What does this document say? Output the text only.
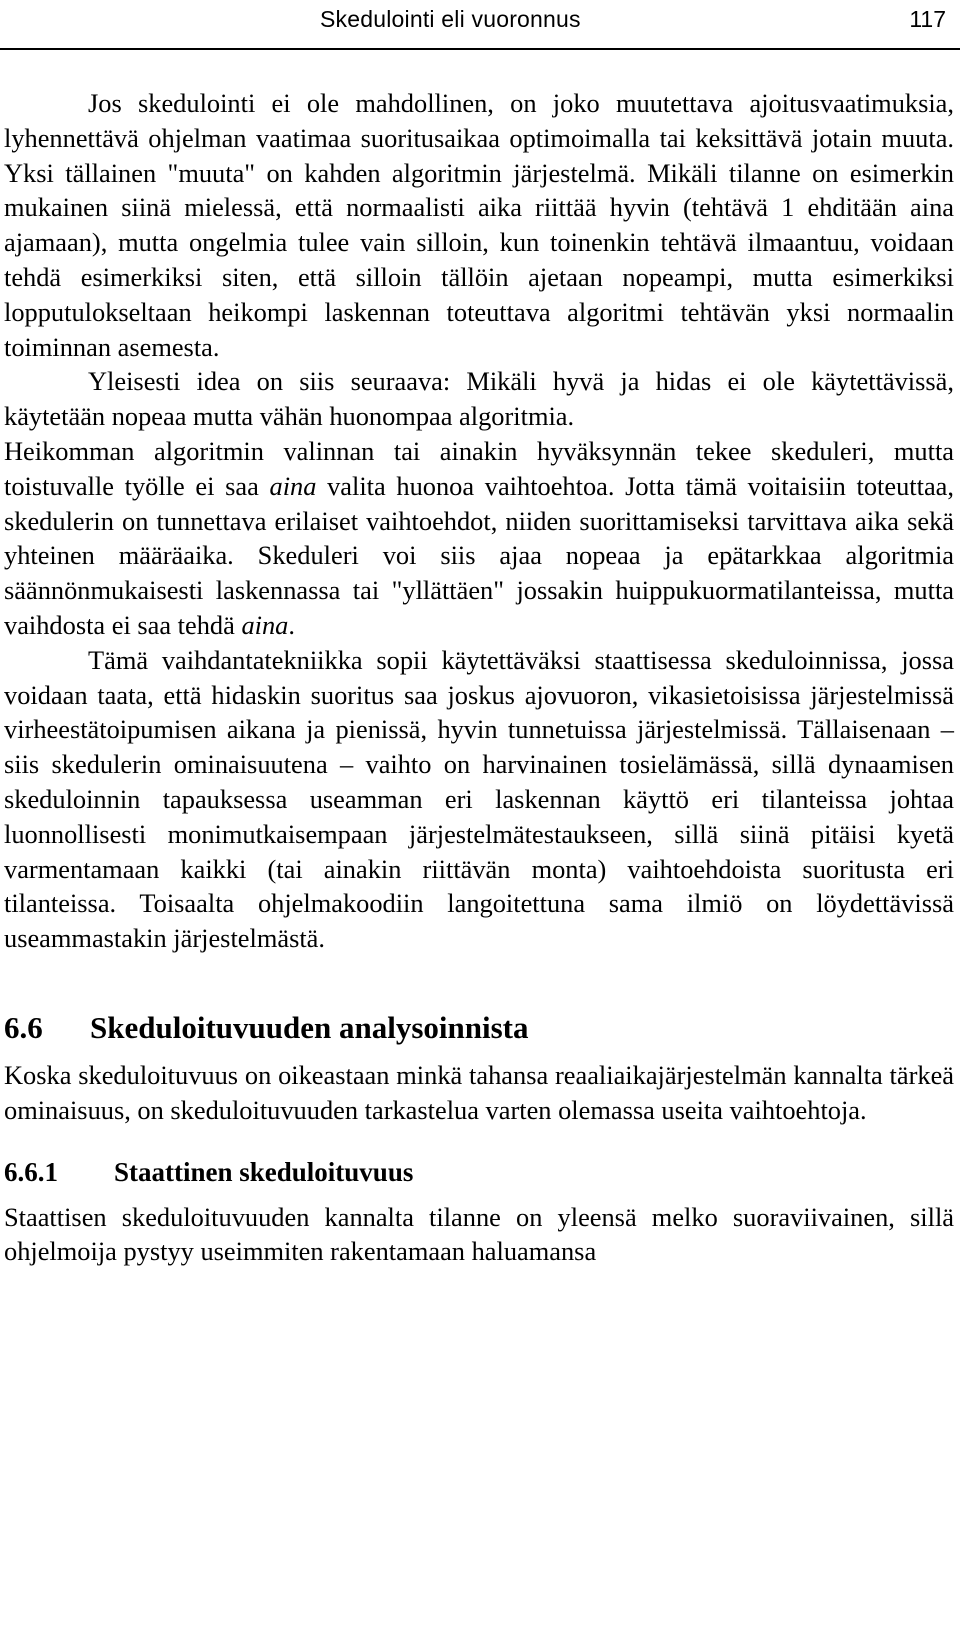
Skedulointi eli vuoronnus	117

Jos skedulointi ei ole mahdollinen, on joko muutettava ajoitusvaatimuksia, lyhennettävä ohjelman vaatimaa suoritusaikaa optimoimalla tai keksittävä jotain muuta. Yksi tällainen "muuta" on kahden algoritmin järjestelmä. Mikäli tilanne on esimerkin mukainen siinä mielessä, että normaalisti aika riittää hyvin (tehtävä 1 ehditään aina ajamaan), mutta ongelmia tulee vain silloin, kun toinenkin tehtävä ilmaantuu, voidaan tehdä esimerkiksi siten, että silloin tällöin ajetaan nopeampi, mutta esimerkiksi lopputulokseltaan heikompi laskennan toteuttava algoritmi tehtävän yksi normaalin toiminnan asemesta.

Yleisesti idea on siis seuraava: Mikäli hyvä ja hidas ei ole käytettävissä, käytetään nopeaa mutta vähän huonompaa algoritmia.

Heikomman algoritmin valinnan tai ainakin hyväksynnän tekee skeduleri, mutta toistuvalle työlle ei saa aina valita huonoa vaihtoehtoa. Jotta tämä voitaisiin toteuttaa, skedulerin on tunnettava erilaiset vaihtoehdot, niiden suorittamiseksi tarvittava aika sekä yhteinen määräaika. Skeduleri voi siis ajaa nopeaa ja epätarkkaa algoritmia säännönmukaisesti laskennassa tai "yllättäen" jossakin huippukuormatilanteissa, mutta vaihdosta ei saa tehdä aina.

Tämä vaihdantatekniikka sopii käytettäväksi staattisessa skeduloinnissa, jossa voidaan taata, että hidaskin suoritus saa joskus ajovuoron, vikasietoisissa järjestelmissä virheestätoipumisen aikana ja pienissä, hyvin tunnetuissa järjestelmissä. Tällaisenaan – siis skedulerin ominaisuutena – vaihto on harvinainen tosielämässä, sillä dynaamisen skeduloinnin tapauksessa useamman eri laskennan käyttö eri tilanteissa johtaa luonnollisesti monimutkaisempaan järjestelmätestaukseen, sillä siinä pitäisi kyetä varmentamaan kaikki (tai ainakin riittävän monta) vaihtoehdoista suoritusta eri tilanteissa. Toisaalta ohjelmakoodiin langoitettuna sama ilmiö on löydettävissä useammastakin järjestelmästä.

6.6 Skeduloituvuuden analysoinnista

Koska skeduloituvuus on oikeastaan minkä tahansa reaaliaikajärjestelmän kannalta tärkeä ominaisuus, on skeduloituvuuden tarkastelua varten olemassa useita vaihtoehtoja.

6.6.1 Staattinen skeduloituvuus

Staattisen skeduloituvuuden kannalta tilanne on yleensä melko suoraviivainen, sillä ohjelmoija pystyy useimmiten rakentamaan haluamansa
